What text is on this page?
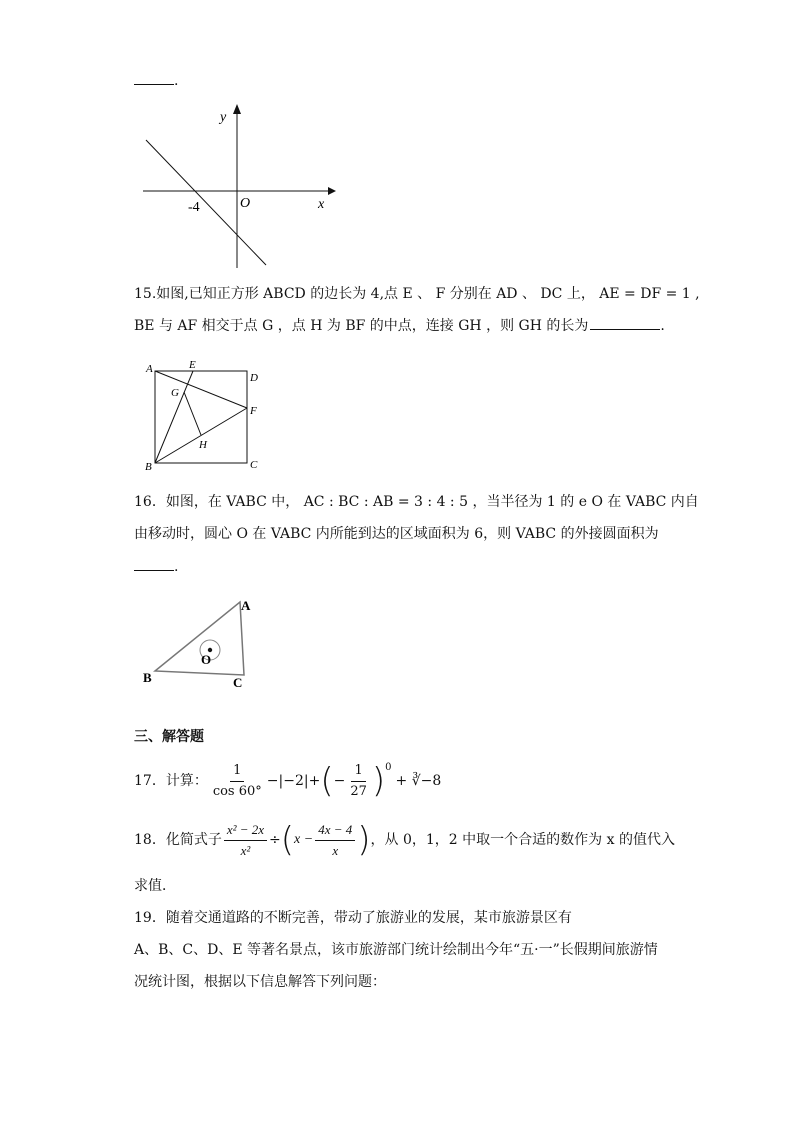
.
y
x
O
-4
15.如图,已知正方形 ABCD 的边长为 4,点 E 、 F 分别在 AD 、 DC 上， AE = DF = 1 ,
BE 与 AF 相交于点 G ，点 H 为 BF 的中点，连接 GH ，则 GH 的长为	.
A	E
D
G
F
H
B	C
16．如图，在 VABC 中， AC : BC : AB = 3 : 4 : 5 ，当半径为 1 的 e O 在 VABC 内自
由移动时，圆心 O 在 VABC 内所能到达的区域面积为 6，则 VABC 的外接圆面积为
.
A
O
B	C
三、解答题
17．计算： $\frac{1}{\cos 60^\circ} -|-2|+$ ( − $\frac{1}{27}$ ) 0
+ ∛−8
18．化简式子 $\frac{\text{x² − 2x}}{\text{x²}}$ ÷ ( $x - \frac{4x - 4}{x}$ ) ，从 0，1，2 中取一个合适的数作为 x 的值代入
求值．
19．随着交通道路的不断完善，带动了旅游业的发展，某市旅游景区有
A、B、C、D、E 等著名景点，该市旅游部门统计绘制出今年“五·一”长假期间旅游情
况统计图，根据以下信息解答下列问题：
